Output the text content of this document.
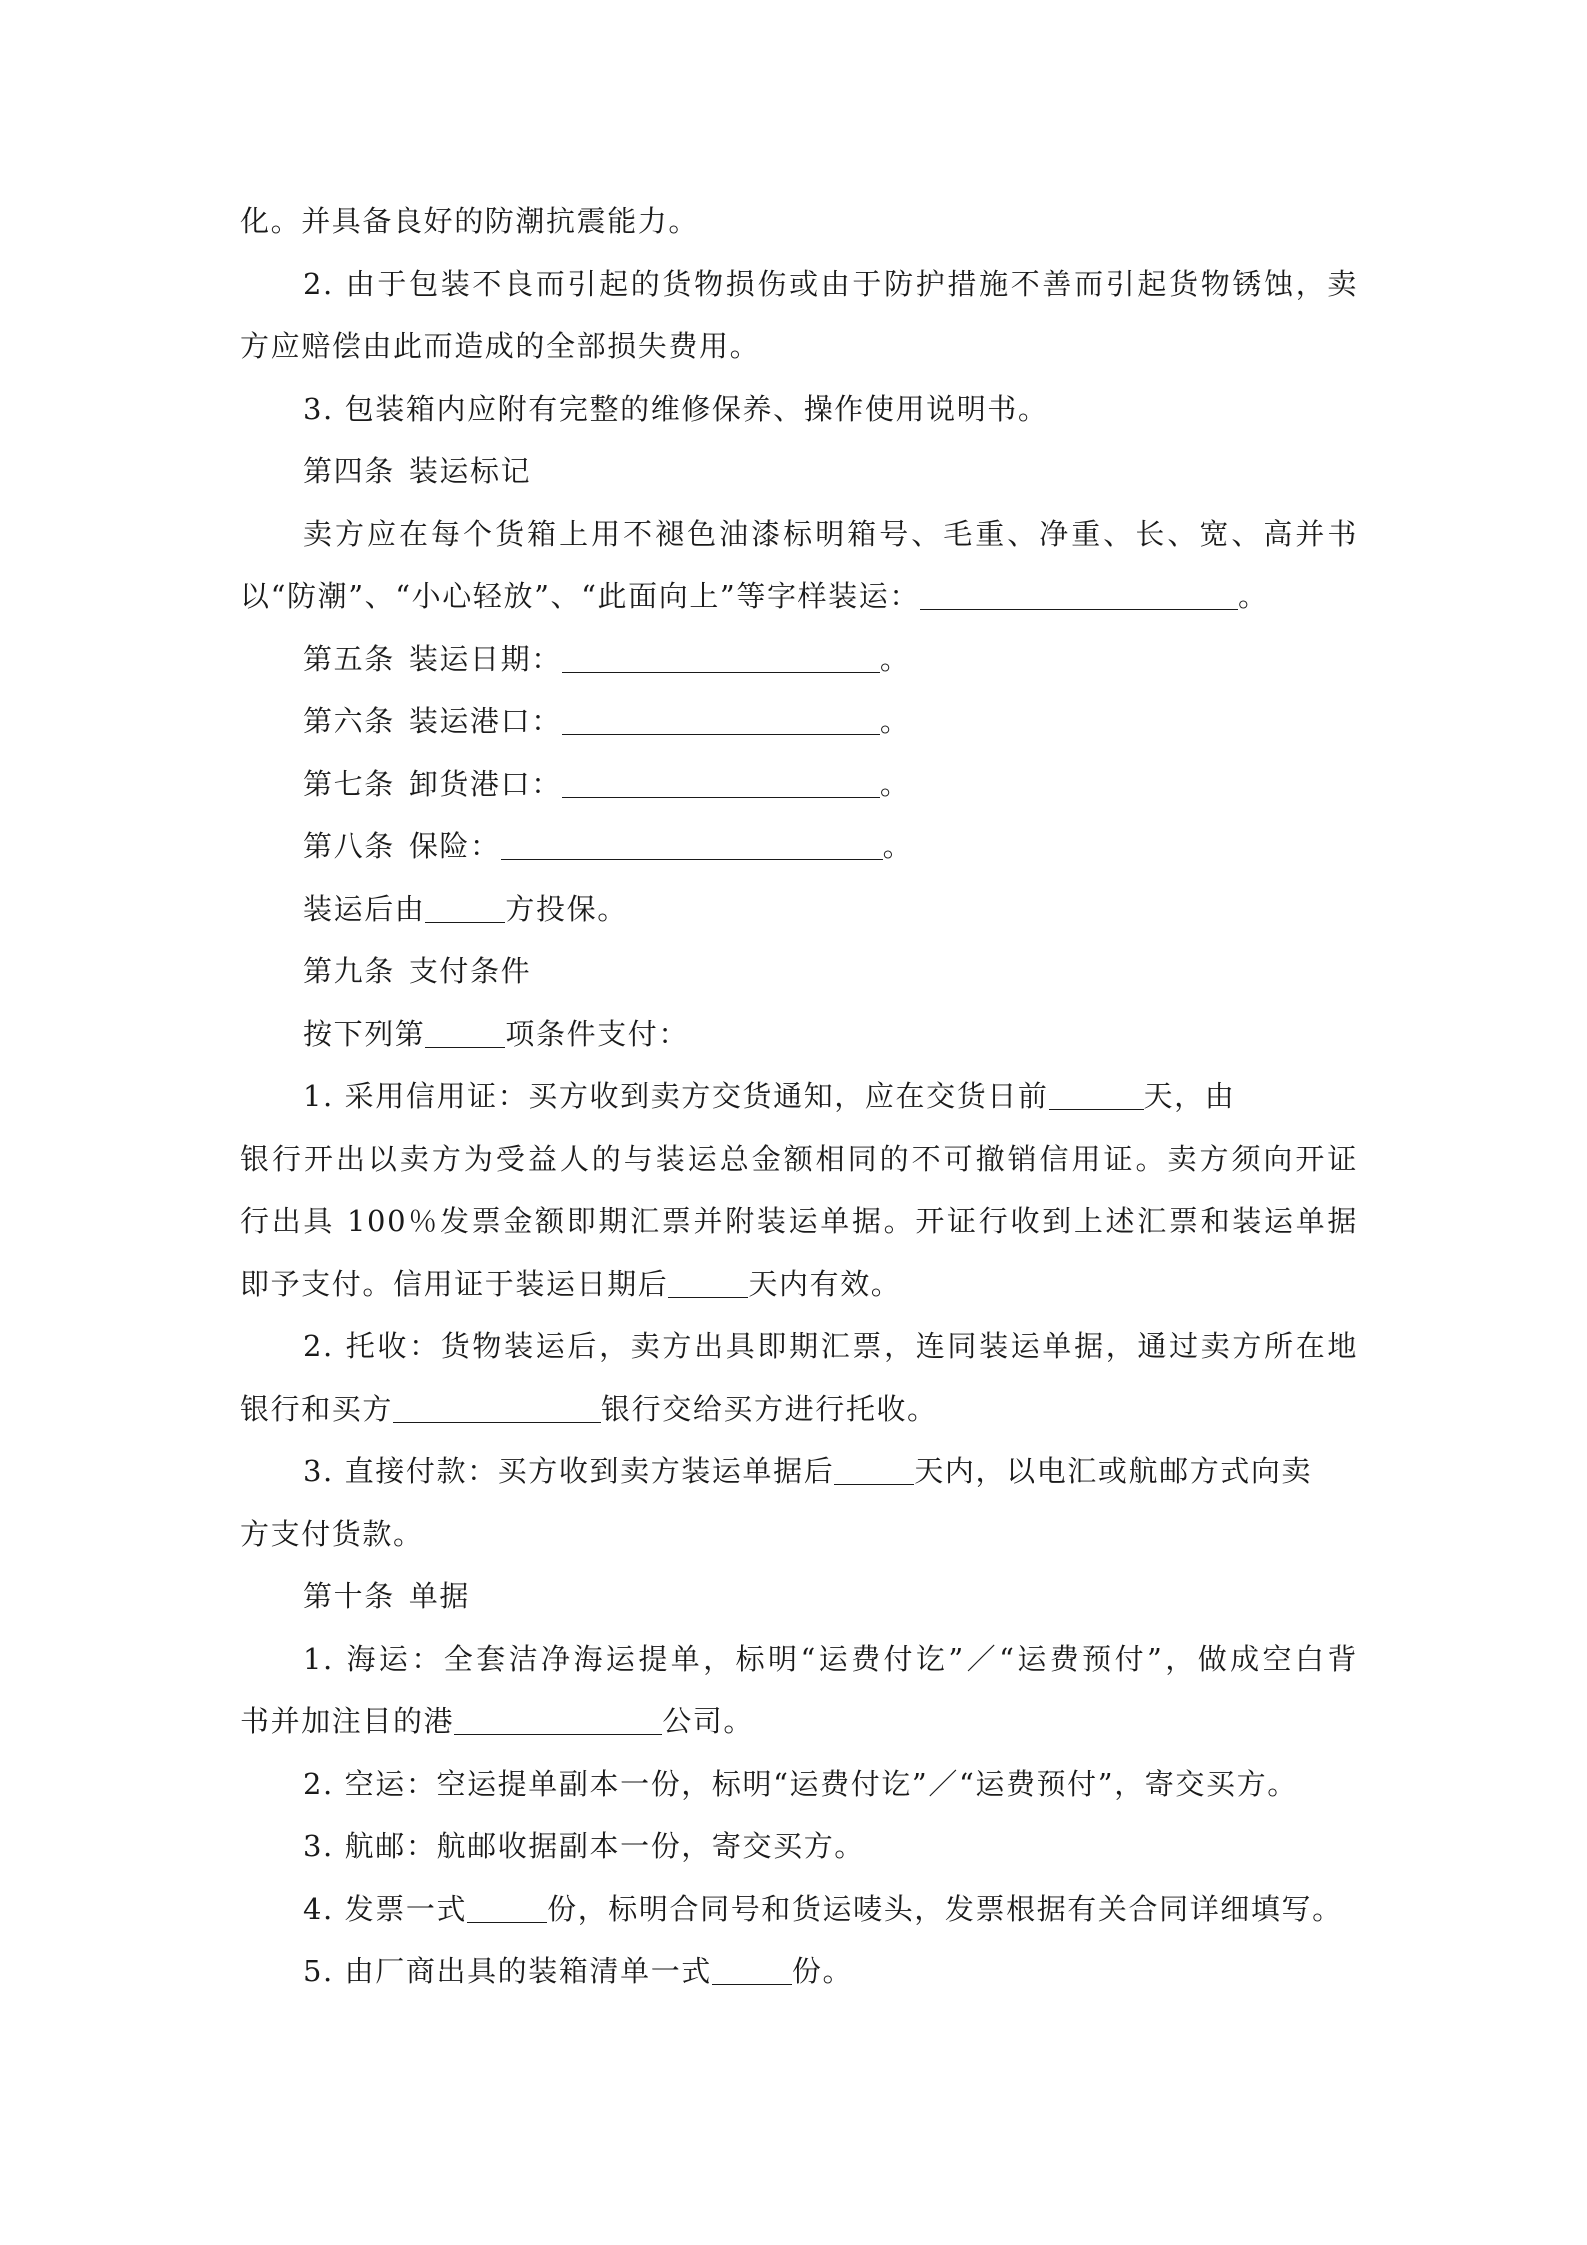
化。并具备良好的防潮抗震能力。

2. 由于包装不良而引起的货物损伤或由于防护措施不善而引起货物锈蚀，卖

方应赔偿由此而造成的全部损失费用。

3. 包装箱内应附有完整的维修保养、操作使用说明书。

第四条 装运标记

卖方应在每个货箱上用不褪色油漆标明箱号、毛重、净重、长、宽、高并书

以“防潮”、“小心轻放”、“此面向上”等字样装运：	。

第五条 装运日期：	。

第六条 装运港口：	。

第七条 卸货港口：	。

第八条 保险：	。

装运后由	方投保。

第九条 支付条件

按下列第	项条件支付：

1. 采用信用证：买方收到卖方交货通知，应在交货日前	天，由

银行开出以卖方为受益人的与装运总金额相同的不可撤销信用证。卖方须向开证

行出具 100％发票金额即期汇票并附装运单据。开证行收到上述汇票和装运单据

即予支付。信用证于装运日期后	天内有效。

2. 托收：货物装运后，卖方出具即期汇票，连同装运单据，通过卖方所在地

银行和买方	银行交给买方进行托收。

3. 直接付款：买方收到卖方装运单据后	天内，以电汇或航邮方式向卖

方支付货款。

第十条 单据

1. 海运：全套洁净海运提单，标明“运费付讫”／“运费预付”，做成空白背

书并加注目的港	公司。

2. 空运：空运提单副本一份，标明“运费付讫”／“运费预付”，寄交买方。

3. 航邮：航邮收据副本一份，寄交买方。

4. 发票一式	份，标明合同号和货运唛头，发票根据有关合同详细填写。

5. 由厂商出具的装箱清单一式	份。
